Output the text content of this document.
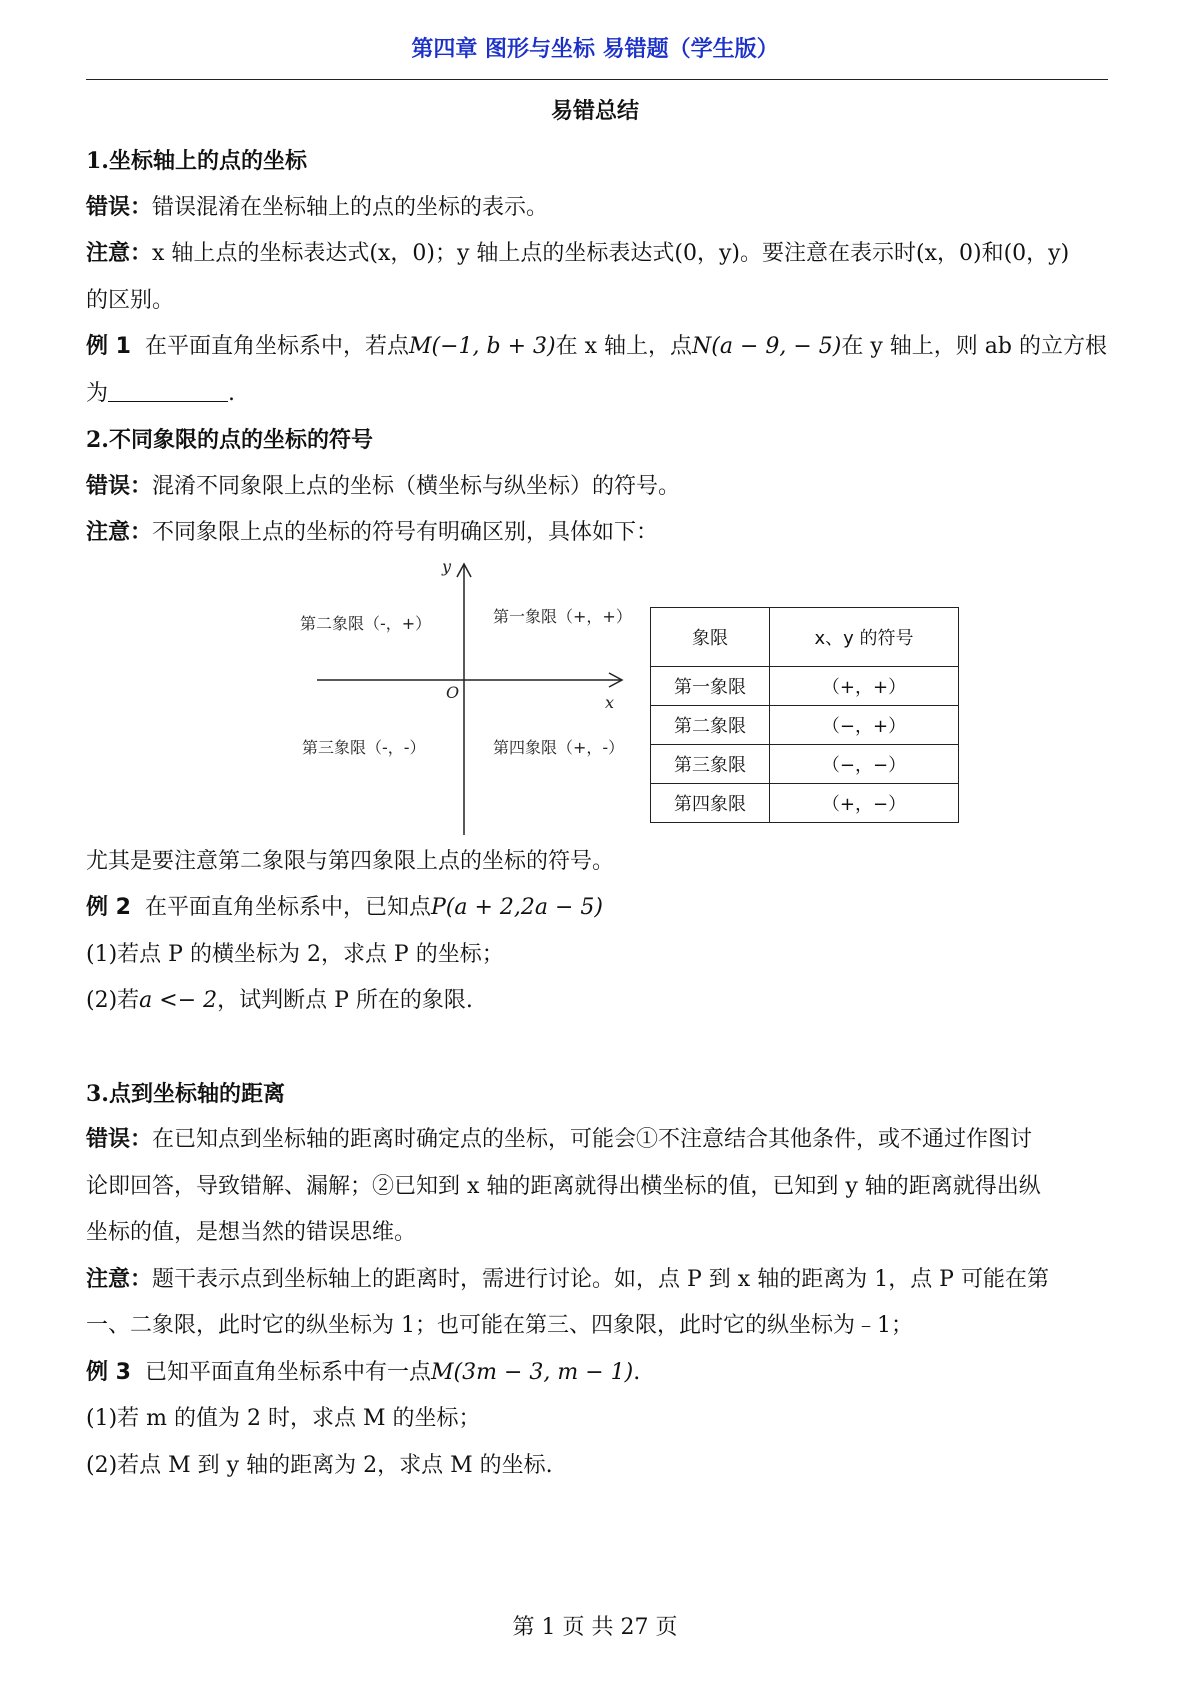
第四章 图形与坐标 易错题（学生版）
易错总结
1.坐标轴上的点的坐标
错误：错误混淆在坐标轴上的点的坐标的表示。
注意：x 轴上点的坐标表达式(x，0)；y 轴上点的坐标表达式(0，y)。要注意在表示时(x，0)和(0，y)
的区别。
例 1 在平面直角坐标系中，若点M(−1, b + 3)在 x 轴上，点N(a − 9, − 5)在 y 轴上，则 ab 的立方根
为	.
2.不同象限的点的坐标的符号
错误：混淆不同象限上点的坐标（横坐标与纵坐标）的符号。
注意：不同象限上点的坐标的符号有明确区别，具体如下：
y
x
O
第二象限（-，+）	第一象限（+，+）
第三象限（-，-）	第四象限（+，-）
象限	x、y 的符号
第一象限	（+，+）
第二象限	（−，+）
第三象限	（−，−）
第四象限	（+，−）
尤其是要注意第二象限与第四象限上点的坐标的符号。
例 2 在平面直角坐标系中，已知点P(a + 2,2a − 5)
(1)若点 P 的横坐标为 2，求点 P 的坐标；
(2)若a <− 2，试判断点 P 所在的象限.
3.点到坐标轴的距离
错误：在已知点到坐标轴的距离时确定点的坐标，可能会①不注意结合其他条件，或不通过作图讨
论即回答，导致错解、漏解；②已知到 x 轴的距离就得出横坐标的值，已知到 y 轴的距离就得出纵
坐标的值，是想当然的错误思维。
注意：题干表示点到坐标轴上的距离时，需进行讨论。如，点 P 到 x 轴的距离为 1，点 P 可能在第
一、二象限，此时它的纵坐标为 1；也可能在第三、四象限，此时它的纵坐标为﹣1；
例 3 已知平面直角坐标系中有一点M(3m − 3, m − 1).
(1)若 m 的值为 2 时，求点 M 的坐标；
(2)若点 M 到 y 轴的距离为 2，求点 M 的坐标.
第 1 页 共 27 页
